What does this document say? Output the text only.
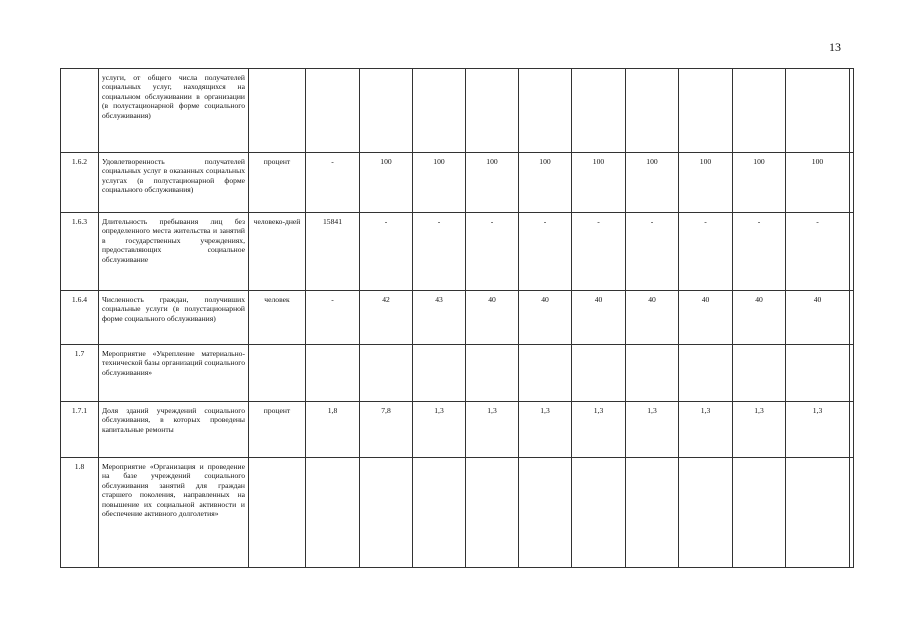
13
	услуги, от общего числа получателей социальных услуг, находящихся на социальном обслуживании в организации (в полустационарной форме социального обслуживания)												
1.6.2	Удовлетворенность получателей социальных услуг в оказанных социальных услугах (в полустационарной форме социального обслуживания)	процент	-	100	100	100	100	100	100	100	100	100	
1.6.3	Длительность пребывания лиц без определенного места жительства и занятий в государственных учреждениях, предоставляющих социальное обслуживание	человеко-дней	15841	-	-	-	-	-	-	-	-	-	
1.6.4	Численность граждан, получивших социальные услуги (в полустационарной форме социального обслуживания)	человек	-	42	43	40	40	40	40	40	40	40	
1.7	Мероприятие «Укрепление материально-технической базы организаций социального обслуживания»												
1.7.1	Доля зданий учреждений социального обслуживания, в которых проведены капитальные ремонты	процент	1,8	7,8	1,3	1,3	1,3	1,3	1,3	1,3	1,3	1,3	
1.8	Мероприятие «Организация и проведение на базе учреждений социального обслуживания занятий для граждан старшего поколения, направленных на повышение их социальной активности и обеспечение активного долголетия»												
